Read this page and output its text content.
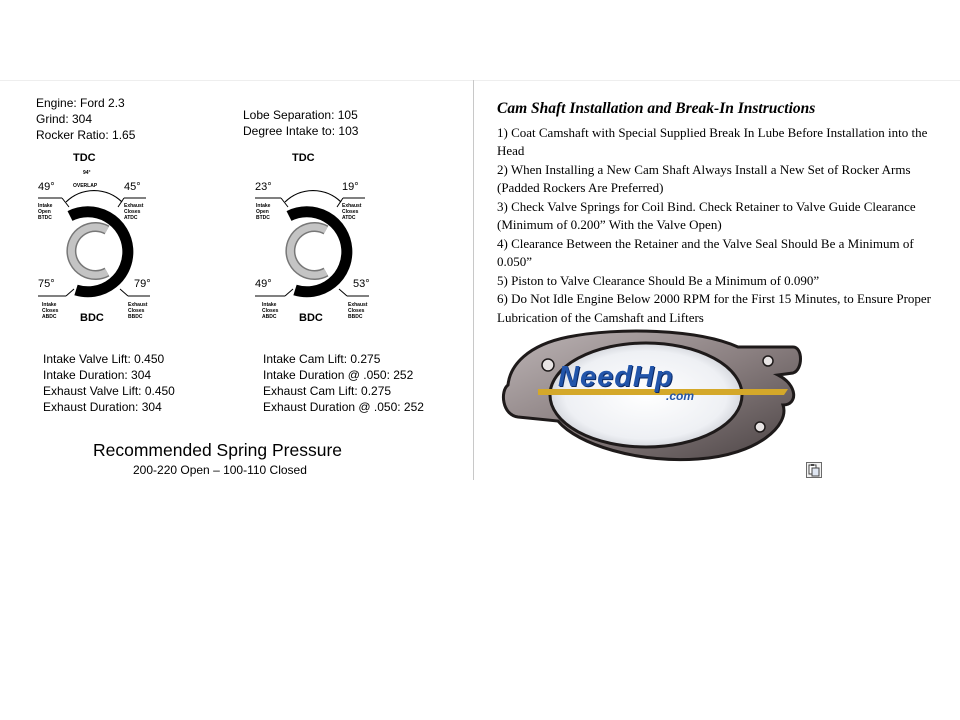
Engine: Ford 2.3
Grind: 304
Rocker Ratio: 1.65
Lobe Separation: 105
Degree Intake to: 103
TDC
94°
OVERLAP
49°	45°
Intake
Open
BTDC
Exhaust
Closes
ATDC
75°	79°
Intake
Closes
ABDC
Exhaust
Closes
BBDC
BDC
TDC
23°	19°
Intake
Open
BTDC
Exhaust
Closes
ATDC
49°	53°
Intake
Closes
ABDC
Exhaust
Closes
BBDC
BDC
Intake Valve Lift: 0.450
Intake Duration: 304
Exhaust Valve Lift: 0.450
Exhaust Duration: 304
Intake Cam Lift: 0.275
Intake Duration @ .050: 252
Exhaust Cam Lift: 0.275
Exhaust Duration @ .050: 252
Recommended Spring Pressure
200-220 Open – 100-110 Closed
Cam Shaft Installation and Break-In Instructions

1) Coat Camshaft with Special Supplied Break In Lube Before Installation into the Head

2) When Installing a New Cam Shaft Always Install a New Set of Rocker Arms (Padded Rockers Are Preferred)

3) Check Valve Springs for Coil Bind. Check Retainer to Valve Guide Clearance (Minimum of 0.200” With the Valve Open)

4) Clearance Between the Retainer and the Valve Seal Should Be a Minimum of 0.050”

5) Piston to Valve Clearance Should Be a Minimum of 0.090”

6) Do Not Idle Engine Below 2000 RPM for the First 15 Minutes, to Ensure Proper Lubrication of the Camshaft and Lifters

NeedHp
.com
